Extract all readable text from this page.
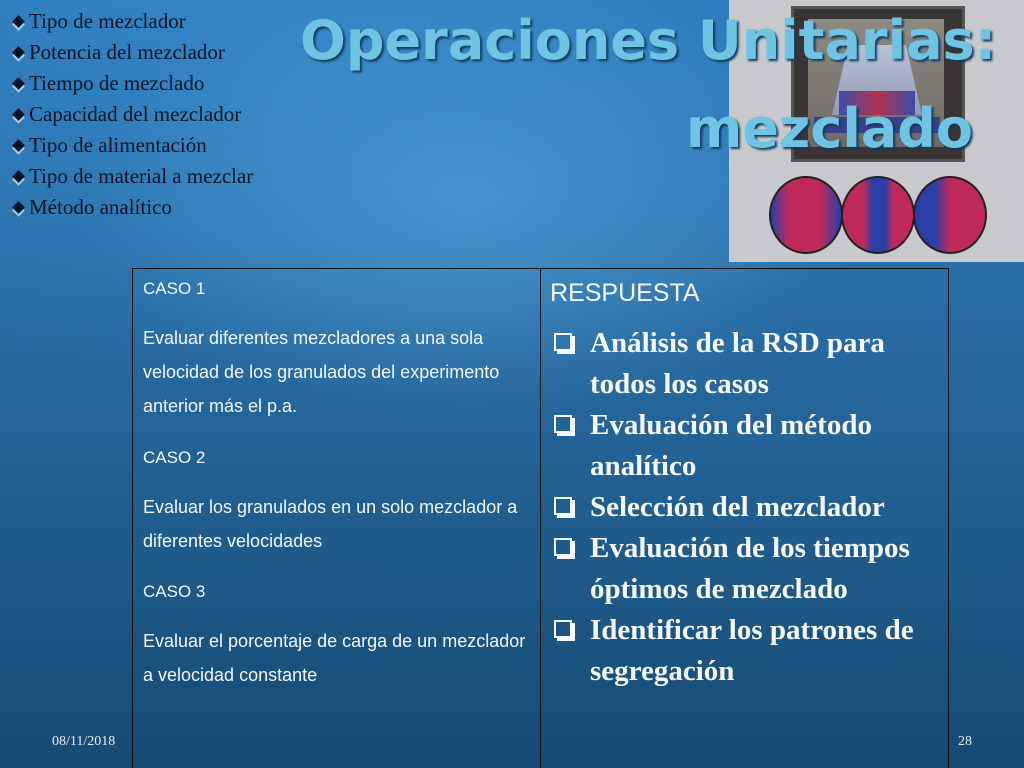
Tipo de mezclador
Potencia del mezclador
Tiempo de mezclado
Capacidad del mezclador
Tipo de alimentación
Tipo de material a mezclar
Método analítico
Operaciones Unitarias:
mezclado
CASO 1
Evaluar diferentes mezcladores a una sola velocidad de los granulados del experimento anterior más el p.a.
CASO 2
Evaluar los granulados en un solo mezclador a diferentes velocidades
CASO 3
Evaluar el porcentaje de carga de un mezclador a velocidad constante
RESPUESTA
Análisis de la RSD para todos los casos
Evaluación del método analítico
Selección del mezclador
Evaluación de los tiempos óptimos de mezclado
Identificar los patrones de segregación
08/11/2018	28
